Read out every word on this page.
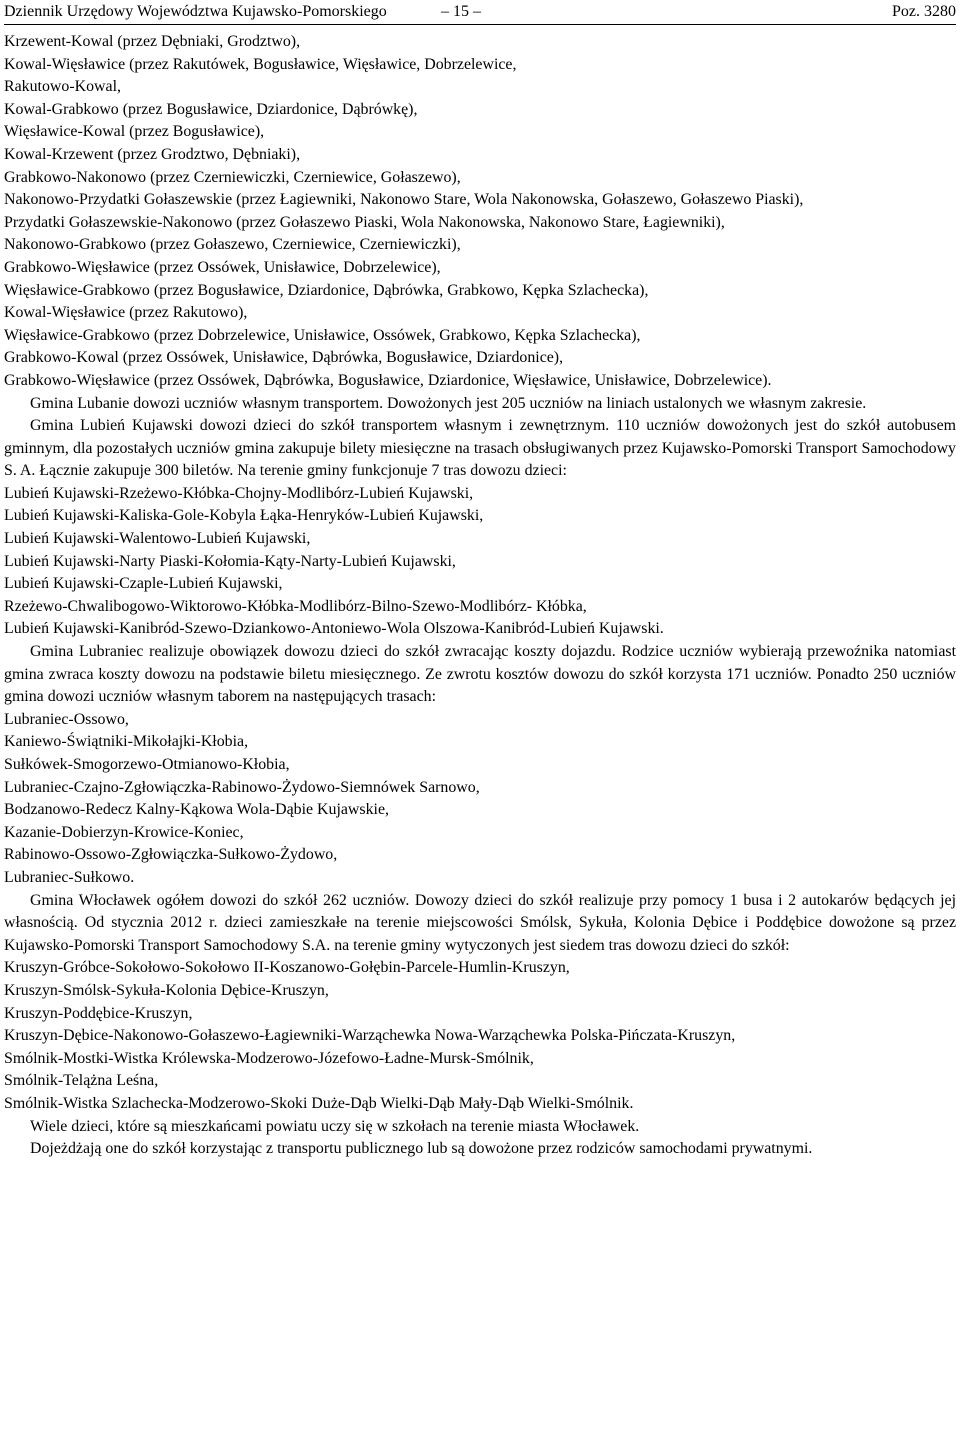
Dziennik Urzędowy Województwa Kujawsko-Pomorskiego	– 15 –	Poz. 3280
Krzewent-Kowal (przez Dębniaki, Grodztwo),
Kowal-Więsławice (przez Rakutówek, Bogusławice, Więsławice, Dobrzelewice,
Rakutowo-Kowal,
Kowal-Grabkowo (przez Bogusławice, Dziardonice, Dąbrówkę),
Więsławice-Kowal (przez Bogusławice),
Kowal-Krzewent (przez Grodztwo, Dębniaki),
Grabkowo-Nakonowo (przez Czerniewiczki, Czerniewice, Gołaszewo),
Nakonowo-Przydatki Gołaszewskie (przez Łagiewniki, Nakonowo Stare, Wola Nakonowska, Gołaszewo, Gołaszewo Piaski),
Przydatki Gołaszewskie-Nakonowo (przez Gołaszewo Piaski, Wola Nakonowska, Nakonowo Stare, Łagiewniki),
Nakonowo-Grabkowo (przez Gołaszewo, Czerniewice, Czerniewiczki),
Grabkowo-Więsławice (przez Ossówek, Unisławice, Dobrzelewice),
Więsławice-Grabkowo (przez Bogusławice, Dziardonice, Dąbrówka, Grabkowo, Kępka Szlachecka),
Kowal-Więsławice (przez Rakutowo),
Więsławice-Grabkowo (przez Dobrzelewice, Unisławice, Ossówek, Grabkowo, Kępka Szlachecka),
Grabkowo-Kowal (przez Ossówek, Unisławice, Dąbrówka, Bogusławice, Dziardonice),
Grabkowo-Więsławice (przez Ossówek, Dąbrówka, Bogusławice, Dziardonice, Więsławice, Unisławice, Dobrzelewice).

Gmina Lubanie dowozi uczniów własnym transportem. Dowożonych jest 205 uczniów na liniach ustalonych we własnym zakresie.

Gmina Lubień Kujawski dowozi dzieci do szkół transportem własnym i zewnętrznym. 110 uczniów dowożonych jest do szkół autobusem gminnym, dla pozostałych uczniów gmina zakupuje bilety miesięczne na trasach obsługiwanych przez Kujawsko-Pomorski Transport Samochodowy S. A. Łącznie zakupuje 300 biletów. Na terenie gminy funkcjonuje 7 tras dowozu dzieci:

Lubień Kujawski-Rzeżewo-Kłóbka-Chojny-Modlibórz-Lubień Kujawski,
Lubień Kujawski-Kaliska-Gole-Kobyla Łąka-Henryków-Lubień Kujawski,
Lubień Kujawski-Walentowo-Lubień Kujawski,
Lubień Kujawski-Narty Piaski-Kołomia-Kąty-Narty-Lubień Kujawski,
Lubień Kujawski-Czaple-Lubień Kujawski,
Rzeżewo-Chwalibogowo-Wiktorowo-Kłóbka-Modlibórz-Bilno-Szewo-Modlibórz- Kłóbka,
Lubień Kujawski-Kanibród-Szewo-Dziankowo-Antoniewo-Wola Olszowa-Kanibród-Lubień Kujawski.

Gmina Lubraniec realizuje obowiązek dowozu dzieci do szkół zwracając koszty dojazdu. Rodzice uczniów wybierają przewoźnika natomiast gmina zwraca koszty dowozu na podstawie biletu miesięcznego. Ze zwrotu kosztów dowozu do szkół korzysta 171 uczniów. Ponadto 250 uczniów gmina dowozi uczniów własnym taborem na następujących trasach:

Lubraniec-Ossowo,
Kaniewo-Świątniki-Mikołajki-Kłobia,
Sułkówek-Smogorzewo-Otmianowo-Kłobia,
Lubraniec-Czajno-Zgłowiączka-Rabinowo-Żydowo-Siemnówek Sarnowo,
Bodzanowo-Redecz Kalny-Kąkowa Wola-Dąbie Kujawskie,
Kazanie-Dobierzyn-Krowice-Koniec,
Rabinowo-Ossowo-Zgłowiączka-Sułkowo-Żydowo,
Lubraniec-Sułkowo.

Gmina Włocławek ogółem dowozi do szkół 262 uczniów. Dowozy dzieci do szkół realizuje przy pomocy 1 busa i 2 autokarów będących jej własnością. Od stycznia 2012 r. dzieci zamieszkałe na terenie miejscowości Smólsk, Sykuła, Kolonia Dębice i Poddębice dowożone są przez Kujawsko-Pomorski Transport Samochodowy S.A. na terenie gminy wytyczonych jest siedem tras dowozu dzieci do szkół:

Kruszyn-Gróbce-Sokołowo-Sokołowo II-Koszanowo-Gołębin-Parcele-Humlin-Kruszyn,
Kruszyn-Smólsk-Sykuła-Kolonia Dębice-Kruszyn,
Kruszyn-Poddębice-Kruszyn,
Kruszyn-Dębice-Nakonowo-Gołaszewo-Łagiewniki-Warząchewka Nowa-Warząchewka Polska-Pińczata-Kruszyn,
Smólnik-Mostki-Wistka Królewska-Modzerowo-Józefowo-Ładne-Mursk-Smólnik,
Smólnik-Telążna Leśna,
Smólnik-Wistka Szlachecka-Modzerowo-Skoki Duże-Dąb Wielki-Dąb Mały-Dąb Wielki-Smólnik.

Wiele dzieci, które są mieszkańcami powiatu uczy się w szkołach na terenie miasta Włocławek.

Dojeżdżają one do szkół korzystając z transportu publicznego lub są dowożone przez rodziców samochodami prywatnymi.
